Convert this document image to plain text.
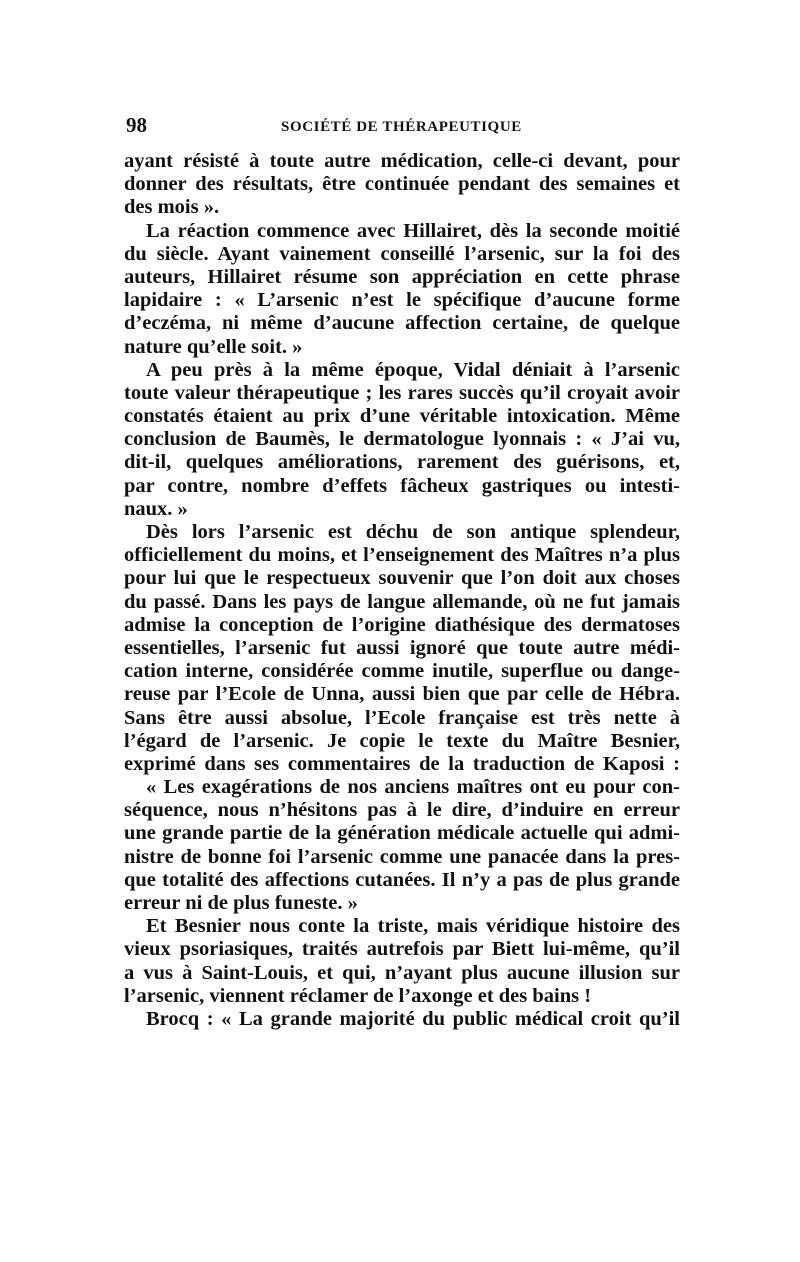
98	SOCIÉTÉ DE THÉRAPEUTIQUE
ayant résisté à toute autre médication, celle-ci devant, pour
donner des résultats, être continuée pendant des semaines et
des mois ».
La réaction commence avec Hillairet, dès la seconde moitié
du siècle. Ayant vainement conseillé l’arsenic, sur la foi des
auteurs, Hillairet résume son appréciation en cette phrase
lapidaire : « L’arsenic n’est le spécifique d’aucune forme
d’eczéma, ni même d’aucune affection certaine, de quelque
nature qu’elle soit. »
A peu près à la même époque, Vidal déniait à l’arsenic
toute valeur thérapeutique ; les rares succès qu’il croyait avoir
constatés étaient au prix d’une véritable intoxication. Même
conclusion de Baumès, le dermatologue lyonnais : « J’ai vu,
dit-il, quelques améliorations, rarement des guérisons, et,
par contre, nombre d’effets fâcheux gastriques ou intesti-
naux. »
Dès lors l’arsenic est déchu de son antique splendeur,
officiellement du moins, et l’enseignement des Maîtres n’a plus
pour lui que le respectueux souvenir que l’on doit aux choses
du passé. Dans les pays de langue allemande, où ne fut jamais
admise la conception de l’origine diathésique des dermatoses
essentielles, l’arsenic fut aussi ignoré que toute autre médi-
cation interne, considérée comme inutile, superflue ou dange-
reuse par l’Ecole de Unna, aussi bien que par celle de Hébra.
Sans être aussi absolue, l’Ecole française est très nette à
l’égard de l’arsenic. Je copie le texte du Maître Besnier,
exprimé dans ses commentaires de la traduction de Kaposi :
« Les exagérations de nos anciens maîtres ont eu pour con-
séquence, nous n’hésitons pas à le dire, d’induire en erreur
une grande partie de la génération médicale actuelle qui admi-
nistre de bonne foi l’arsenic comme une panacée dans la pres-
que totalité des affections cutanées. Il n’y a pas de plus grande
erreur ni de plus funeste. »
Et Besnier nous conte la triste, mais véridique histoire des
vieux psoriasiques, traités autrefois par Biett lui-même, qu’il
a vus à Saint-Louis, et qui, n’ayant plus aucune illusion sur
l’arsenic, viennent réclamer de l’axonge et des bains !
Brocq : « La grande majorité du public médical croit qu’il
